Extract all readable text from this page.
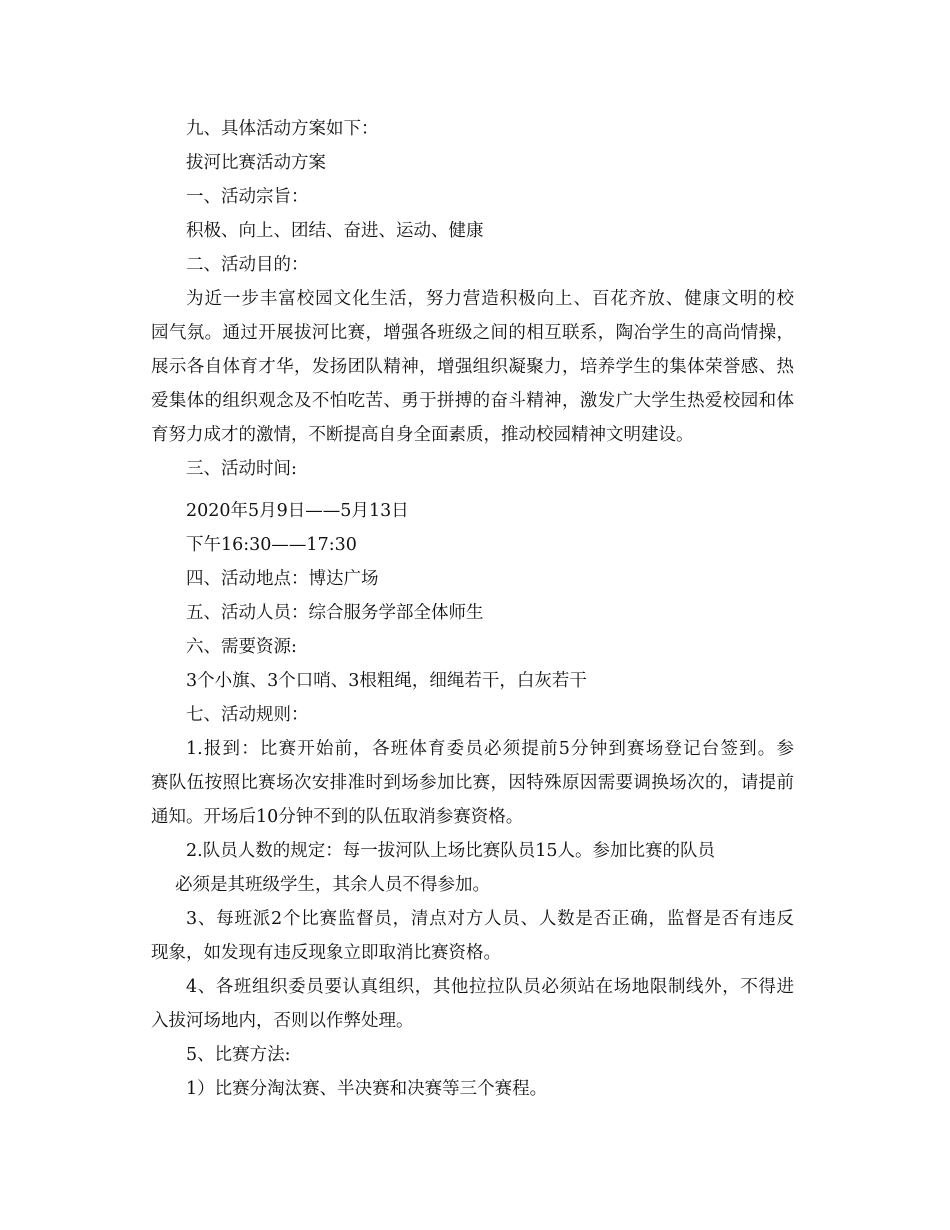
九、具体活动方案如下：
拔河比赛活动方案
一、活动宗旨：
积极、向上、团结、奋进、运动、健康
二、活动目的：
为近一步丰富校园文化生活，努力营造积极向上、百花齐放、健康文明的校
园气氛。通过开展拔河比赛，增强各班级之间的相互联系，陶冶学生的高尚情操，
展示各自体育才华，发扬团队精神，增强组织凝聚力，培养学生的集体荣誉感、热
爱集体的组织观念及不怕吃苦、勇于拼搏的奋斗精神，激发广大学生热爱校园和体
育努力成才的激情，不断提高自身全面素质，推动校园精神文明建设。
三、活动时间:
2020年5月9日——5月13日
下午16:30——17:30
四、活动地点：博达广场
五、活动人员：综合服务学部全体师生
六、需要资源:
3个小旗、3个口哨、3根粗绳，细绳若干，白灰若干
七、活动规则：
1.报到：比赛开始前，各班体育委员必须提前5分钟到赛场登记台签到。参
赛队伍按照比赛场次安排准时到场参加比赛，因特殊原因需要调换场次的，请提前
通知。开场后10分钟不到的队伍取消参赛资格。
2.队员人数的规定：每一拔河队上场比赛队员15人。参加比赛的队员
必须是其班级学生，其余人员不得参加。
3、每班派2个比赛监督员，清点对方人员、人数是否正确，监督是否有违反
现象，如发现有违反现象立即取消比赛资格。
4、各班组织委员要认真组织，其他拉拉队员必须站在场地限制线外，不得进
入拔河场地内，否则以作弊处理。
5、比赛方法:
1）比赛分淘汰赛、半决赛和决赛等三个赛程。
